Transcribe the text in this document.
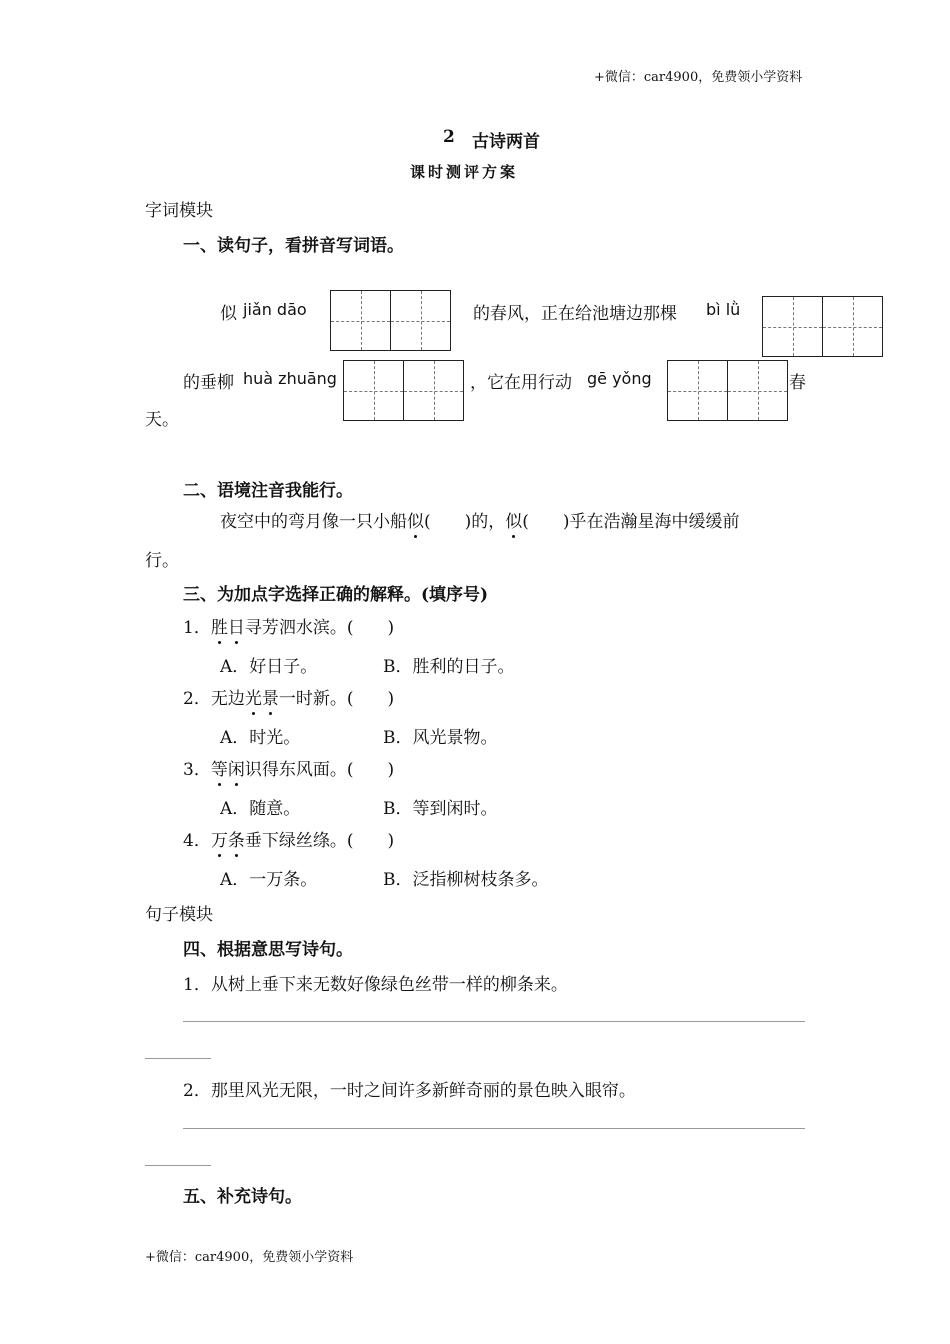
+微信：car4900，免费领小学资料
2 古诗两首
课时测评方案
字词模块
一、读句子，看拼音写词语。
似 jiǎn dāo	的春风，正在给池塘边那棵 bì lǜ
的垂柳 huà zhuāng	，它在用行动 gē yǒng	春
天。
二、语境注音我能行。
夜空中的弯月像一只小船似(　　)的，似(　　)乎在浩瀚星海中缓缓前
行。
三、为加点字选择正确的解释。(填序号)
1．胜日寻芳泗水滨。(　　)
A．好日子。	B．胜利的日子。
2．无边光景一时新。(　　)
A．时光。	B．风光景物。
3．等闲识得东风面。(　　)
A．随意。	B．等到闲时。
4．万条垂下绿丝绦。(　　)
A．一万条。	B．泛指柳树枝条多。
句子模块
四、根据意思写诗句。
1．从树上垂下来无数好像绿色丝带一样的柳条来。
2．那里风光无限，一时之间许多新鲜奇丽的景色映入眼帘。
五、补充诗句。
+微信：car4900，免费领小学资料
